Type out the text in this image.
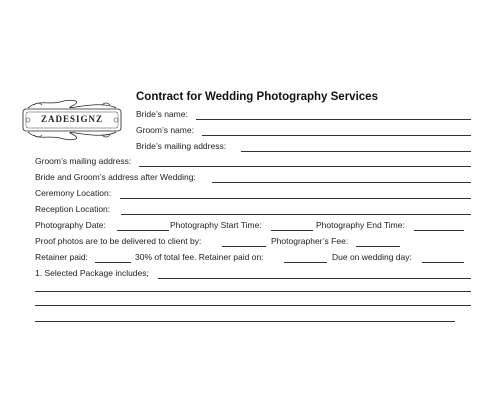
ZADESIGNZ
Contract for Wedding Photography Services
Bride’s name:
Groom’s name:
Bride’s mailing address:
Groom’s mailing address:
Bride and Groom’s address after Wedding:
Ceremony Location:
Reception Location:
Photography Date:	Photography Start Time:	Photography End Time:
Proof photos are to be delivered to client by:	Photographer’s Fee:
Retainer paid:	30% of total fee. Retainer paid on:	Due on wedding day:
1. Selected Package includes;
